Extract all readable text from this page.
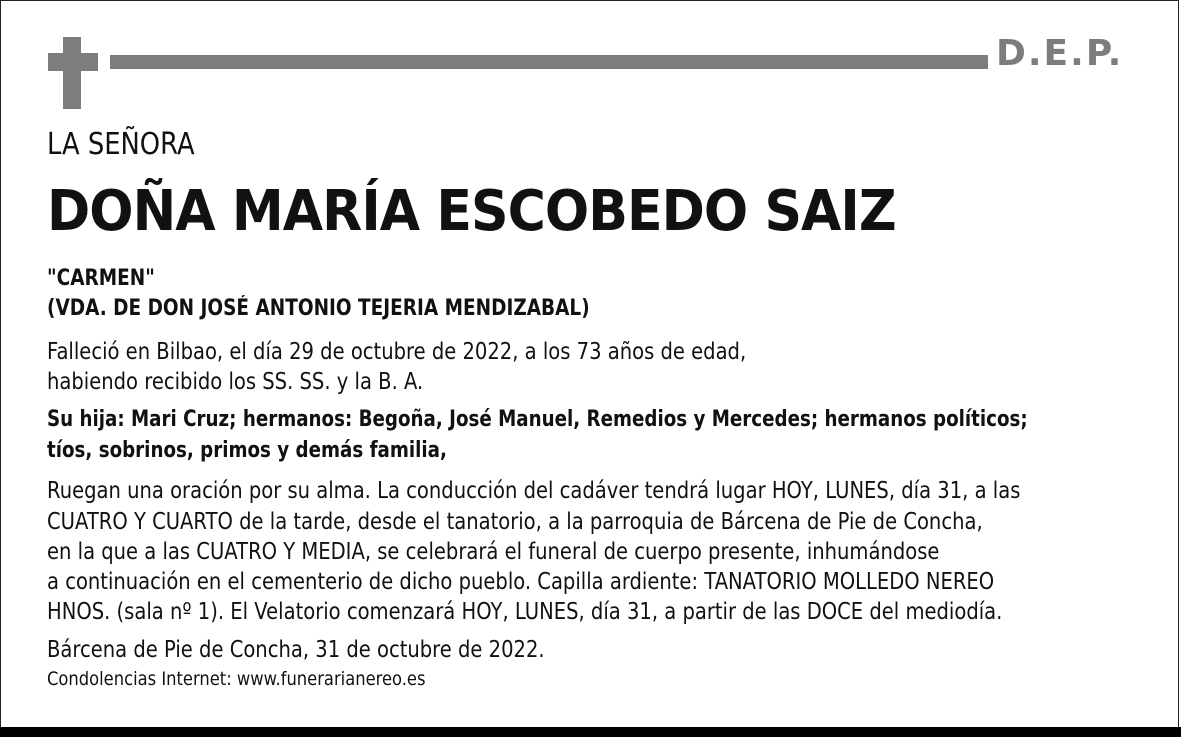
D.E.P.
LA SEÑORA
DOÑA MARÍA ESCOBEDO SAIZ
"CARMEN"
(VDA. DE DON JOSÉ ANTONIO TEJERIA MENDIZABAL)
Falleció en Bilbao, el día 29 de octubre de 2022, a los 73 años de edad,
habiendo recibido los SS. SS. y la B. A.
Su hija: Mari Cruz; hermanos: Begoña, José Manuel, Remedios y Mercedes; hermanos políticos;
tíos, sobrinos, primos y demás familia,
Ruegan una oración por su alma. La conducción del cadáver tendrá lugar HOY, LUNES, día 31, a las
CUATRO Y CUARTO de la tarde, desde el tanatorio, a la parroquia de Bárcena de Pie de Concha,
en la que a las CUATRO Y MEDIA, se celebrará el funeral de cuerpo presente, inhumándose
a continuación en el cementerio de dicho pueblo. Capilla ardiente: TANATORIO MOLLEDO NEREO
HNOS. (sala nº 1). El Velatorio comenzará HOY, LUNES, día 31, a partir de las DOCE del mediodía.
Bárcena de Pie de Concha, 31 de octubre de 2022.
Condolencias Internet: www.funerarianereo.es
